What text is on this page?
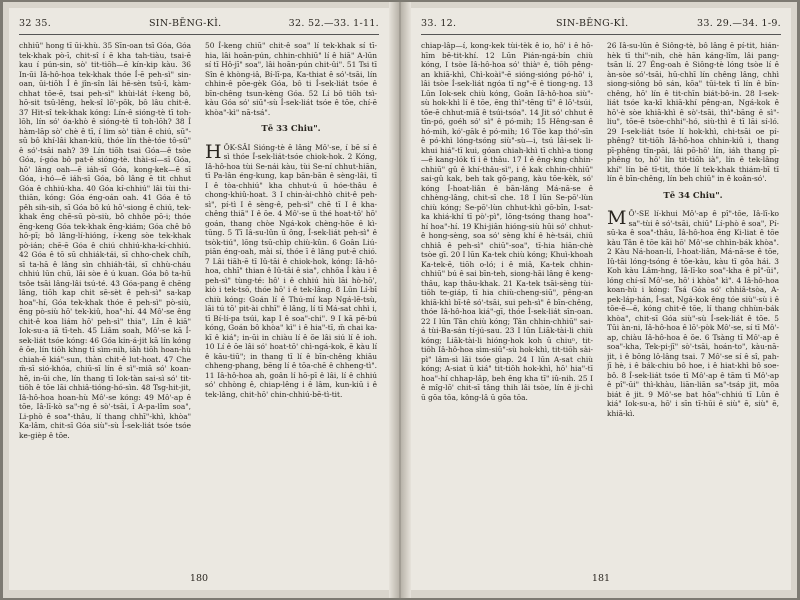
32 35.	SIN-BĒNG-KÌ.	32. 52.—33. 1-11.

chhiū" hong tī ūi-khù. 35 Sīn-oan tsī Góa, Góa tek-khak pò-ī, chit-sî í ē kha tah-tiàu, tsai-ē kau í pún-sin, sò' tit-tiōh—ē kín-kip kàu. 36 In-ūi Iâ-hô-hoa tek-khak thóe Í-ē peh-sì" sin-oan, ūi-tiōh Í ê jîn-sîn lāi hē-sèn tsū-î, kàm-chhat tōe-ē, tsai peh-sì" khùi-lát í-keng bô, hō-sit tsū-lêng, hek-sî lō'-pōk, bô lâu chit-ê. 37 Hit-sî tek-khak kóng: Lín-ê sióng-tè tī toh-lōh, lín só' óa-khò ê sióng-tè tī toh-lōh? 38 Í hàm-lāp sò' chè ê tī, í lim sò' tiàn ê chiú, sū"-sū bô khí-lâi khan-kiù, thóe lín thè-tóe tô-sū" ê só'-tsāi nah? 39 Lín tiōh tsai Góa—ē tsòe Góa, í-góa bô pat-ê sióng-tè. thài-sí—sī Góa, hō' lâng oah—ē iáh-sī Góa, kong-kek—ē sī Góa, i-hó—ē iáh-sī Góa, bô lâng ē tit chhut Góa ê chhiú-kha. 40 Góa kí-chhiú" lâi tùi thi-thiān, kóng: Góa éng-oán oah. 41 Góa ê tō pêh sih-sih, sī Góa bô kú hō'-siong ê chiú, tek-khak ēng chē-sū pò-siù, bô chhôe pō-i; thóe ēng-keng Góa tek-khak ēng-kiám; Góa chê bô hō-pī; bô lâng-lí-hióng, í-keng sòe tek-khak pò-ián; chē-ē Góa ê chiú chhiú-kha-kí-chhiú. 42 Góa ê tō sū chhiák-tái, sī chho-chek chíh, sī ta-hā ê lâng sìn chhiáh-tāi, sī chhù-cháu chhiú lūn chū, lâi sòe ê ú kuan. Góa bô ta-hū tsǒe tsāi lâng-lâi tsú-té. 43 Góa-pang ê chēng lâng, tiōh kap chit sē-sèt ê peh-sì" sa-kap hoa"-hí, Góa tek-khak thóe ē peh-sì" pò-siù, ēng pò-siù hō' tek-kiû, hoa"-hí. 44 Mô'-se êng chit-ê koa liám hō' peh-sì" thia", Lîn ê kiā" Iok-su-a iā tī-teh. 45 Liâm soah, Mô'-se kā Í-sek-liát tsóe kóng: 46 Góa kin-á-jit kā lín kóng ê ōe, lín tiōh khng tī sìm-nih, iāh tiōh hoan-hù chiah-ē kiá"-sun, thàn chit-ê lut-hoat. 47 Che m̄-sī sió-khóa, chiū-sī lín ê sì"-miā só' koan-hē, in-ūi che, lín thang tī Iok-tàn sai-sì só' tit-tiōh ê tōe lāi chhiâ-tióng-hó-sìn. 48 Tsg-hit-jit, Iâ-hô-hoa hoan-hù Mô'-se kóng: 49 Mô'-ap ê tōe, Iâ-lī-kò sa"-ng ê sò'-tsāi, ī A-pa-lîm soa", Li-phò ê soa"-thâu, lí thang chhī"-khì, khòa" Ka-lâm, chit-sī Góa siù"-sù Í-sek-liát tsóe tsóe ke-gièp ê tōe.

50 Í-keng chiū" chit-ê soa" lí tek-khak sí tī-hia, lâi hoān-pún, chhin-chhiū" lí ê hiā" A-lūn sí tī Hô-jī" soa", lâi hoān-pún chit-ûi". 51 Tsi tī Sîn ê khòng-iâ, Bí-lī-pa, Ka-thiat ê só'-tsāi, lín chhin-ê pōe-gèk Góa, bô ti Í-sek-liát tsóe ê bīn-chêng tsun-kèng Góa. 52 Lí bô tiōh tsì-kàu Góa só' siū"-sù Í-sek-liát tsóe ê tōe, chí-ē khòa"-kì" nā-tsá".

Tē 33 Chiu".

HÔK-SÂI Sióng-tè ê lâng Mô'-se, í bē sí ê sì thóe Í-sek-liát-tsóe chiok-hok. 2 Kóng, Iâ-hô-hoa tùi Se-nái kàu, tùi Se-ní chhut-hiān, tī Pa-lân éng-kung, kap bān-bān ê sèng-lâi, tī I ê tòa-chhiú" kha chhut-ú ū hóe-thâu ê chong-khiû-hoat. 3 I chin-ài-chhò chit-ê peh-sì", pí-tì I ê sèng-ê, peh-sì" chē tī I ê kha-chêng thiā" I ê ōe. 4 Mô'-se ū thé hoat-tō' hō' goán, thang chòe Ngá-kok chèng-hōe ê kì-tūng. 5 Tī Iâ-su-lûn ū ông, Í-sek-liát peh-sì" ê tsòk-tiú", lōng tsū-chìp chiù-kûn. 6 Goân Liú-piān éng-oah, mài sí, thóe ī ê lâng put-ē chió. 7 Lâi tiāh-ē tī Iû-tāi ê chiok-hok, kóng: Iâ-hô-hoa, chhī" thian ê Iû-tāi ê sia", chhōa Í kàu i ê peh-sì" tùng-té: hô' i ê chhiú hiù lāi hò-hō', kiò i tek-tsō, thóe hō' i ê tek-lâng. 8 Lūn Lí-bī chiù kóng: Goán lí ê Thú-mí kap Ngá-lē-tsù, lāi tú tō' pit-ài chhī" ê lâng, lí tī Má-sat chhì i, tī Bí-lí-pa tsúi, kap I ê soa"-chi". 9 I kā pē-bú kóng, Goán bô khòa" kì" i ê hia"-tī, m̄ chai ka-kī ê kiá"; in-ūi in chiàu lí ê ōe lâi siú lí ê ioh. 10 Lí ê ōe lâi só' hoat-tō' chì-ngá-kok, ē kàu lí ê kāu-tiū"; in thang tī lí ê bīn-chêng khiāu chheng-phang, bēng lí ê tōa-chē ê chheng-tì". 11 Iâ-hô-hoa ah, goân lí hō-pī ê lâi, lí ê chhiú só' chhòng ê, chiap-lêng i ê lâm, kun-kiū i ê tek-lâng, chit-hō' chin-chhiú-bē-tì-tit.

180
33. 12.	SIN-BĒNG-KÌ.	33. 29.—34. 1-9.

chiap-lâp—í, kong-kek tùi-tèk ê io, hō' i ê hō-hīm bē-tit-khí. 12 Lūn Pián-ngá-bín chiù kóng, I tsòe Iâ-hô-hoa só' thiàⁿ ê, tiōh pêng-an khiā-khì, Chì-koài"-ē sióng-sióng pó-hō' i, lâi tsòe Í-sek-liát ngóa tī ng"-ē ê tiong-ng. 13 Lūn Iok-sek chiù kóng, Goân Iâ-hô-hoa siù"-sù hok-khì lí ê tōe, ēng thì"-tēng tī" ê lō'-tsúi, tōe-ē chhut-miā ê tsúi-tsóa". 14 Jit só' chhut ê tīn-pó, goéh só' sì" ê pó-mih; 15 Hêng-san ê hó-mih, kó'-gāk ê pó-mih; 16 Tōe kap thó'-sīn ê pó-khì lóng-tsóng siù"-sù—i, tsú lâi-sek li-khui hiá"-tī kui, góan chiah-khì tī chhì-a tiong—ē kang-lók tī i ê thâu. 17 I ê êng-kng chhin-chhiū" gû ê khí-thâu-sì", i ê kak chhin-chhiū" sai-gû kak, beh tak gō-pang, kàu tōe-kèk, só' kóng Í-hoat-liân ê bān-lâng Má-nā-se ê chhèng-lâng, chit-sī che. 18 I lūn Se-pō'-lùn chiù kóng; Se-pō'-lùn chhut-khì gō-bīn, I-sat-ka khiá-khí tī pò'-pì", lōng-tsóng thang hoa"-hí hoa"-hí. 19 Khi-jiân hióng-siù hūi só' chhut-ê hong-sèng, soa só' sèng khí ê hè-tsái, chiū chhiâ ê peh-sì" chiū"-soa", tī-hia hiān-chè tsòe gī. 20 I lūn Ka-tek chiù kóng; Khuì-khoah Ka-tek-ē, tiōh o-ló; i ê miâ, Ka-tek chhin-chhiū" bú ê sai bīn-teh, siong-hāi lâng ê keng-thâu, kap thâu-khak. 21 Ka-tek tsāi-sèng tùi-tiōh te-giáp, tī hia chiù-cheng-siū", pêng-an khiā-khì bī-tê só'-tsāi, sui peh-sì" ê bīn-chêng, thóe Iâ-hô-hoa kiá"-gī, thóe Í-sek-liát sīn-oan. 22 I lūn Tân chiù kóng; Tân chhin-chhiū" sai-á tùi-Ba-sán tí-jú-sau. 23 I lūn Liāk-tài-li chiù kóng; Liāk-tài-li hióng-hok koh ū chiuⁿ, tit-tiōh Iâ-hô-hoa sìm-siū"-sù hok-khì, tit-tiōh sài-pì" lâm-sì lāi tsóe giap. 24 I lūn A-sat chiù kóng; A-siat ū kiá" tit-tiōh hok-khì, hō' hia"-tī hoa"-hí chhap-lâp, beh êng kha tī" iû-nih. 25 I ê mîg-lō' chit-sī tâng thih lâi tsòe, lín ê ji-chì ū gōa tōa, kông-lâ ū gōa tōa.

26 Iâ-su-lûn ê Siông-tè, bô lâng ē pí-tit, hián-hèk tī thi"-nih, chè hān káng-lîm, lâi pang-tsān lí. 27 Éng-oah ê Siông-tè lóng tsòe lí ê àn-sòe só'-tsāi, hū-chhī lín chêng lâng, chhì siong-siông bô sán, kōa" tūi-tek tī lín ê bīn-chêng, hō' lín ê tit-chīn biát-bô-in. 28 I-sek-liát tsóe ka-kī khiā-khí pêng-an, Ngá-kok ê hō'-è sòe khiā-khì ê sò'-tsāi, thì"-bāng ê sì"-liu", tōe-ē tsòe-chhi"-hó, siù-thì ê tī lāi sí-ló. 29 I-sek-liát tsóe lí hok-khì, chi-tsāi oe pí-phêng? tit-tiōh Iâ-hô-hoa chhin-kiû i, thang pī-phêng tīn-pāi, lâi pō-hō' lín, iáh thang pī-phêng to, hō' lín tit-tiōh ià", lín ê tek-lâng khí" lín bē tī-tit, thóe lí tek-khak thiám-bī tī lín ê bīn-chêng, lín beh chiū" in ê koân-só'.

Tē 34 Chiu".

M Ô'-SE lí-khui Mô'-ap ê pî"-tōe, Iâ-lī-ko sa"-tùi ê só'-tsāi, chiū" Lí-phò ê soa", Pí-sū-ka ê soa"-thâu, Iâ-hô-hoa ēng Ki-liat ê tōe kàu Tân ê tōe kāi hō' Mô'-se chhìn-bák khòa". 2 Kàu Ná-hoan-lí, I-hoat-liân, Má-nā-se ê tōe, Iû-tāi lóng-tsóng ê tōe-kàu, kàu tī gōa hái. 3 Koh kàu Lâm-hng, Iâ-lī-ko soa"-kha ê pî"-ūi", lóng chí-sī Mô'-se, hō' i khòa" kì". 4 Iâ-hô-hoa koan-hù i kóng: Tsá Góa só' chhiâ-tsòa, A-pek-láp-hán, Í-sat, Ngá-kok êng tóe siù"-sù i ê tōe-ē—ē, kóng chit-ê tōe, lí thang chhùn-bák khòa", chit-sī Góa siù"-sù Í-sek-liát ê tōe. 5 Tūi àn-ni, Iâ-hô-hoa ê lō'-pòk Mô'-se, sí tī Mô'-ap, chiàu Iâ-hô-hoa ê ōe. 6 Tsàng tī Mô'-ap ê soa"-kha, Tek-pi-jī" sò'-tsāi, hoán-to", kàu-nā-jit, i ê bōng lô-lâng tsai. 7 Mô'-se sí ê sî, pah-jī hè, i ê bák-chiu bô hoe, i ê hiat-khì bô soe-bô. 8 Í-sek-liát tsóe tī Mô'-ap ê tām tī Mô'-ap ê pî"-ūi" thì-khàu, liān-liān sa"-tsáp jit, môa biát ê jit. 9 Mô'-se bat hōa"-chhiú tī Lûn ê kiá" Iok-su-a, hō' i sīn tī-hūi ê siù" ē, siù" ē, khiā-kì.

181
